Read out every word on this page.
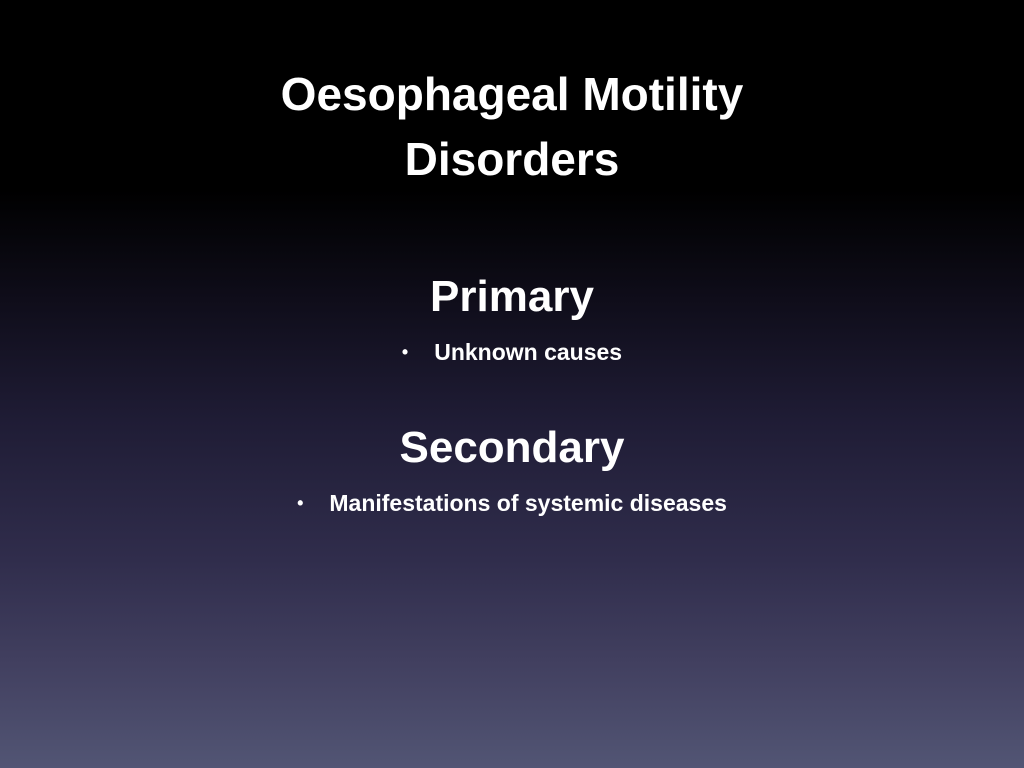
Oesophageal Motility
Disorders
Primary
• Unknown causes
Secondary
• Manifestations of systemic diseases
